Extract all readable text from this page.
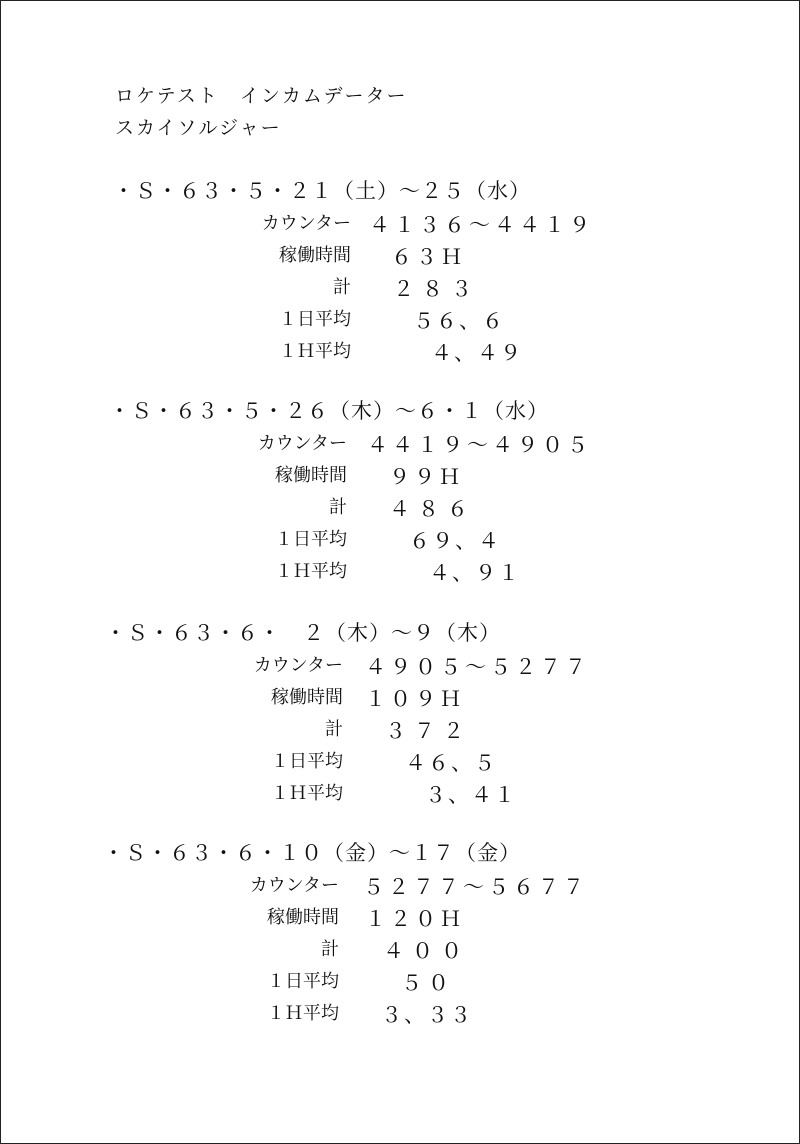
ロケテスト　インカムデーター
スカイソルジャー
・Ｓ・６３・５・２１（土）～２５（水）
カウンター ４１３６～４４１９
稼働時間 ６３Ｈ
計 ２８３
１日平均	５６、６
１Ｈ平均	４、４９
・Ｓ・６３・５・２６（木）～６・１（水）
カウンター ４４１９～４９０５
稼働時間 ９９Ｈ
計 ４８６
１日平均	６９、４
１Ｈ平均	４、９１
・Ｓ・６３・６・　２（木）～９（木）
カウンター ４９０５～５２７７
稼働時間 １０９Ｈ
計 ３７２
１日平均	４６、５
１Ｈ平均	３、４１
・Ｓ・６３・６・１０（金）～１７（金）
カウンター ５２７７～５６７７
稼働時間 １２０Ｈ
計 ４００
１日平均	５０
１Ｈ平均 ３、３３
